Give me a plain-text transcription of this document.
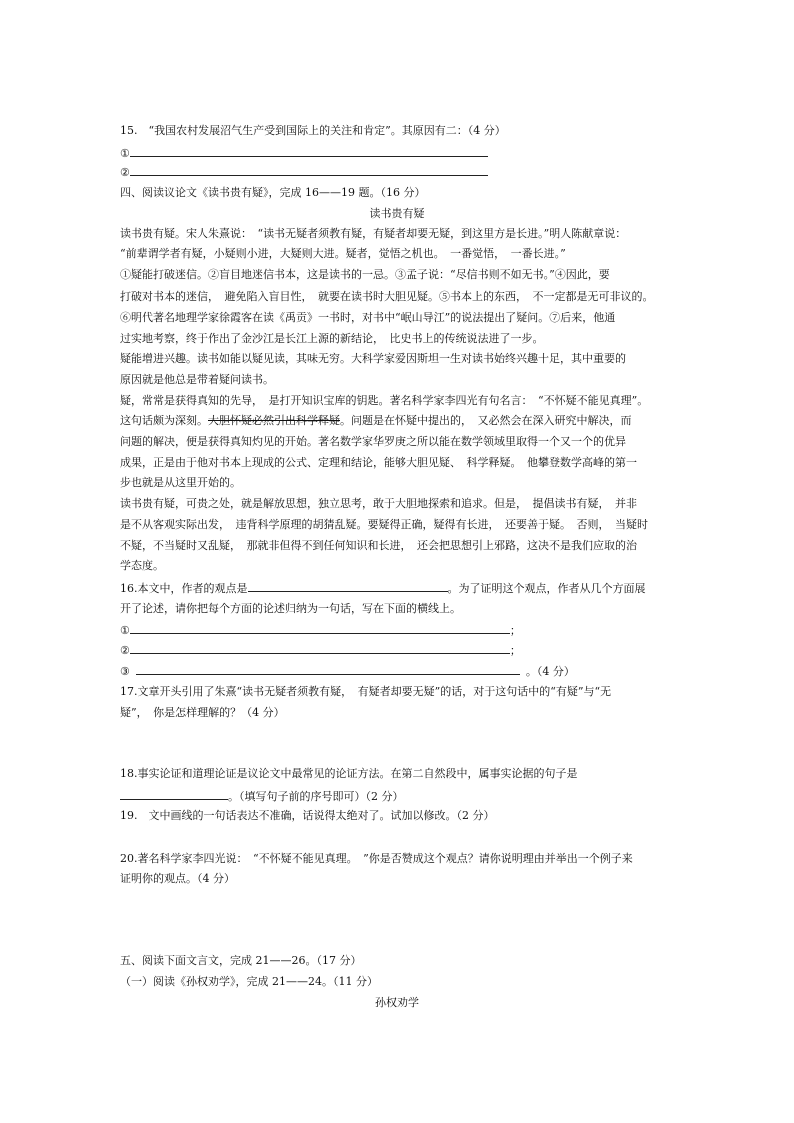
15.　“我国农村发展沼气生产受到国际上的关注和肯定”。其原因有二：（4 分）
①
②
四、阅读议论文《读书贵有疑》，完成 16——19 题。（16 分）
读书贵有疑
读书贵有疑。宋人朱熹说：　“读书无疑者须教有疑，有疑者却要无疑，到这里方是长进。”明人陈献章说：
“前辈谓学者有疑，小疑则小进，大疑则大进。疑者，觉悟之机也。　一番觉悟，　一番长进。”
①疑能打破迷信。②盲目地迷信书本，这是读书的一忌。③孟子说：“尽信书则不如无书。”④因此，要
打破对书本的迷信，　避免陷入盲目性，　就要在读书时大胆见疑。⑤书本上的东西，　不一定都是无可非议的。
⑥明代著名地理学家徐霞客在读《禹贡》一书时，对书中“岷山导江”的说法提出了疑问。⑦后来，他通
过实地考察，终于作出了金沙江是长江上源的新结论，　比史书上的传统说法进了一步。
疑能增进兴趣。读书如能以疑见读，其味无穷。大科学家爱因斯坦一生对读书始终兴趣十足，其中重要的
原因就是他总是带着疑问读书。
疑，常常是获得真知的先导，　是打开知识宝库的钥匙。著名科学家李四光有句名言：　“不怀疑不能见真理”。
这句话颇为深刻。大胆怀疑必然引出科学释疑。问题是在怀疑中提出的，　又必然会在深入研究中解决，而
问题的解决，便是获得真知灼见的开始。著名数学家华罗庚之所以能在数学领域里取得一个又一个的优异
成果，正是由于他对书本上现成的公式、定理和结论，能够大胆见疑、　科学释疑。　他攀登数学高峰的第一
步也就是从这里开始的。
读书贵有疑，可贵之处，就是解放思想，独立思考，敢于大胆地探索和追求。但是，　提倡读书有疑，　并非
是不从客观实际出发，　违背科学原理的胡猜乱疑。要疑得正确，疑得有长进，　还要善于疑。　否则，　当疑时
不疑，不当疑时又乱疑，　那就非但得不到任何知识和长进，　还会把思想引上邪路，这决不是我们应取的治
学态度。
16.本文中，作者的观点是	。为了证明这个观点，作者从几个方面展
开了论述，请你把每个方面的论述归纳为一句话，写在下面的横线上。
①	；
②	；
③	。（4 分）
17.文章开头引用了朱熹“读书无疑者须教有疑，　有疑者却要无疑”的话，对于这句话中的“有疑”与“无
疑”，　你是怎样理解的？（4 分）
18.事实论证和道理论证是议论文中最常见的论证方法。在第二自然段中，属事实论据的句子是
。（填写句子前的序号即可）（2 分）
19.　文中画线的一句话表达不准确，话说得太绝对了。试加以修改。（2 分）
20.著名科学家李四光说：　“不怀疑不能见真理。　”你是否赞成这个观点？请你说明理由并举出一个例子来
证明你的观点。（4 分）
五、阅读下面文言文，完成 21——26。（17 分）
（一）阅读《孙权劝学》，完成 21——24。（11 分）
孙权劝学
